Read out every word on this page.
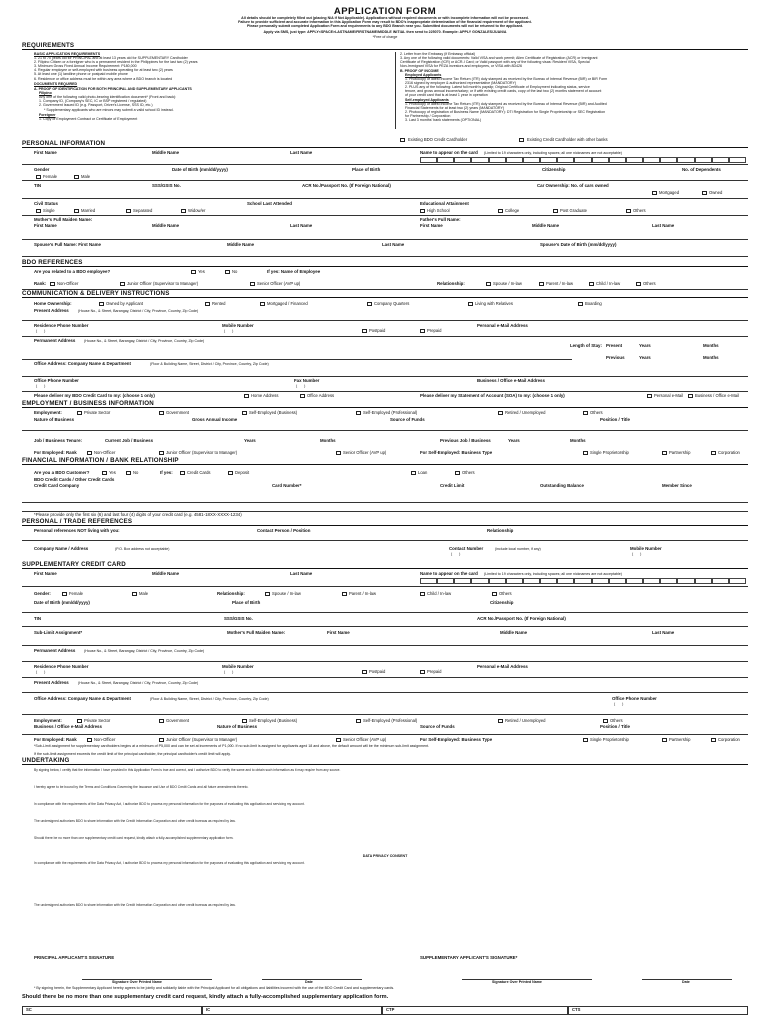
APPLICATION FORM
All details should be completely filled out (placing N/A if Not Applicable). Applications without required documents or with incomplete information will not be processed.
Failure to provide sufficient and accurate information in this Application Form may result to BDO's inappropriate determination of the financial requirement of the applicant.
Please personally submit completed Application Form and requirements to any BDO Branch near you. Submitted documents will not be returned to the applicant.
Apply via SMS, just type: APPLY<SPACE>LASTNAME/FIRSTNAME/MIDDLE INITIAL then send to 225070. Example: APPLY GONZALES/JUAN/A
*Free of charge
REQUIREMENTS
BASIC APPLICATION REQUIREMENTS
1. 21 to 70 years old for PRINCIPAL and at least 13 years old for SUPPLEMENTARY Cardholder
2. Filipino Citizen or a foreigner who is a permanent resident in the Philippines for the last two (2) years
3. Minimum Gross Fixed Annual Income Requirement: P180,000
4. Regular employee or self-employed with business operating for at least two (2) years
5. At least one (1) landline phone or postpaid mobile phone
6. Residence or office address must be within any area where a BDO branch is located
DOCUMENTS REQUIRED
A. PROOF OF IDENTIFICATION FOR BOTH PRINCIPAL AND SUPPLEMENTARY APPLICANTS
Filipino
Any one of the following valid photo-bearing identification document* (Front and back):
1. Company ID, (Company's SEC, IC or BSP registered / regulated)
2. Government Issued ID (e.g. Passport, Driver's License, SSS ID, etc.)
* Supplementary applicants who are minors may submit a valid school ID instead.
Foreigner
1. Copy of Employment Contract or Certificate of Employment
2. Letter from the Embassy (if Embassy official)
3. Any one of the following valid documents: Valid VISA and work permit; Alien Certificate of Registration (ACR) or Immigrant
Certificate of Registration (ICR) or ACR-I Card; or Valid passport with any of the following visas: Resident VISA, Special
Non-Immigrant VISA for PEZA investors and employees, or VISA with 8D426
B. PROOF OF INCOME
Employed Applicants
1. Photocopy of latest Income Tax Return (ITR) duly stamped as received by the Bureau of Internal Revenue (BIR) or BIR Form
2316 signed by employer & authorized representative (MANDATORY)
2. PLUS any of the following: Latest full month's payslip; Original Certificate of Employment indicating status, service
tenure, and gross annual income/salary; or if with existing credit cards, copy of the last two (2) months statement of account
of your credit card that is at least 1 year in operation
Self-employed Applicants
1. Photocopy of latest Income Tax Return (ITR) duly stamped as received by the Bureau of Internal Revenue (BIR) and Audited
Financial Statements for at least two (2) years (MANDATORY)
2. Photocopy of registration of Business Name (MANDATORY): DTI Registration for Single Proprietorship or SEC Registration
for Partnership / Corporation
3. Last 3 months' bank statements (OPTIONAL)
Existing BDO Credit Cardholder	Existing Credit Cardholder with other banks
PERSONAL INFORMATION
First Name	Middle Name	Last Name	Name to appear on the card (Limited to 19 characters only, including spaces; all one nicknames are not acceptable)
Gender
Female	Male
Date of Birth (mm/dd/yyyy)	Place of Birth	Citizenship	No. of Dependents
TIN	SSS/GSIS No.	ACR No./Passport No. (If Foreign National)	Car Ownership: No. of cars owned
Mortgaged	Owned
Civil Status
Single	Married	Separated	Widow/er
School Last Attended	Educational Attainment
High School	College	Post Graduate	Others
Mother's Full Maiden Name:	Father's Full Name:
First Name	Middle Name	Last Name	First Name	Middle Name	Last Name
Spouse's Full Name: First Name	Middle Name	Last Name	Spouse's Date of Birth (mm/dd/yyyy)
BDO REFERENCES
Are you related to a BDO employee?	Yes	No	If yes: Name of Employee
Rank:	Non-Officer	Junior Officer (Supervisor to Manager)	Senior Officer (AVP up)	Relationship:	Spouse / In-law	Parent / In-law	Child / In-law	Others
COMMUNICATION & DELIVERY INSTRUCTIONS
Home Ownership:	Owned by Applicant	Rented	Mortgaged / Financed	Company Quarters	Living with Relatives	Boarding
Present Address	(House No., & Street, Barangay, District / City, Province, Country, Zip Code)
Residence Phone Number
(       )
Mobile Number
(       )	Postpaid	Prepaid
Personal e-Mail Address
Permanent Address (House No., & Street, Barangay, District / City, Province, Country, Zip Code)
Length of Stay: Present	Years	Months
Previous	Years	Months
Office Address: Company Name & Department	(Floor & Building Name, Street, District / City, Province, Country, Zip Code)
Office Phone Number
(       )
Fax Number
(       )
Business / Office e-Mail Address
Please deliver my BDO Credit Card to my: (choose 1 only)	Home Address	Office Address	Please deliver my Statement of Account (SOA) to my: (choose 1 only)	Personal e-Mail	Business / Office e-Mail
EMPLOYMENT / BUSINESS INFORMATION
Employment:	Private Sector	Government	Self-Employed (Business)	Self-Employed (Professional)	Retired / Unemployed	Others
Nature of Business	Gross Annual Income	Source of Funds	Position / Title
Job / Business Tenure:	Current Job / Business	Years	Months	Previous Job / Business	Years	Months
For Employed: Rank	Non-Officer	Junior Officer (Supervisor to Manager)	Senior Officer (AVP up)	For Self-Employed: Business Type	Single Proprietorship	Partnership	Corporation
FINANCIAL INFORMATION / BANK RELATIONSHIP
Are you a BDO Customer?	Yes	No	If yes:	Credit Cards	Deposit	Loan	Others
BDO Credit Cards / Other Credit Cards
Credit Card Company	Card Number*	Credit Limit	Outstanding Balance	Member Since
*Please provide only the first six (6) and last four (4) digits of your credit card (e.g. 4581-18XX-XXXX-1234)
PERSONAL / TRADE REFERENCES
Personal references NOT living with you:	Contact Person / Position	Relationship
Company Name / Address	(P.O. Box address not acceptable)	Contact Number	(include local number, if any)	Mobile Number
(       )	(       )
SUPPLEMENTARY CREDIT CARD
First Name	Middle Name	Last Name	Name to appear on the card (Limited to 19 characters only, including spaces; all one nicknames are not acceptable)
Gender:	Female	Male	Relationship:	Spouse / In-law	Parent / In-law	Child / In-law	Others
Date of Birth (mm/dd/yyyy)	Place of Birth	Citizenship
TIN	SSS/GSIS No.	ACR No./Passport No. (If Foreign National)
Sub-Limit Assignment*	Mother's Full Maiden Name:	First Name	Middle Name	Last Name
Permanent Address (House No., & Street, Barangay, District / City, Province, Country, Zip Code)
Residence Phone Number
(       )
Mobile Number
(       )	Postpaid	Prepaid
Personal e-Mail Address
Present Address	(House No., & Street, Barangay, District / City, Province, Country, Zip Code)
Office Address: Company Name & Department	(Floor & Building Name, Street, District / City, Province, Country, Zip Code)	Office Phone Number
(       )
Employment:	Private Sector	Government	Self-Employed (Business)	Self-Employed (Professional)	Retired / Unemployed	Others
Business / Office e-Mail Address	Nature of Business	Source of Funds	Position / Title
For Employed: Rank	Non-Officer	Junior Officer (Supervisor to Manager)	Senior Officer (AVP up)	For Self-Employed: Business Type	Single Proprietorship	Partnership	Corporation
*Sub-Limit assignment for supplementary cardholders begins at a minimum of P5,000 and can be set at increments of P1,000. If no sub-limit is assigned for applicants aged 18 and above, the default amount will be the minimum sub-limit assignment.
If the sub-limit assignment exceeds the credit limit of the principal cardholder, the principal cardholder's credit limit will apply.
UNDERTAKING
By signing below, I certify that the information I have provided in this Application Form is true and correct, and I authorize BDO to verify the same and to obtain such information as it may require from any source.
I hereby agree to be bound by the Terms and Conditions Governing the Issuance and Use of BDO Credit Cards and all future amendments thereto.
In compliance with the requirements of the Data Privacy Act, I authorize BDO to process my personal information for the purposes of evaluating this application and servicing my account.
The undersigned authorizes BDO to share information with the Credit Information Corporation and other credit bureaus as required by law.
Should there be no more than one supplementary credit card request, kindly attach a fully-accomplished supplementary application form.
DATA PRIVACY CONSENT
In compliance with the requirements of the Data Privacy Act, I authorize BDO to process my personal information for the purposes of evaluating this application and servicing my account.
The undersigned authorizes BDO to share information with the Credit Information Corporation and other credit bureaus as required by law.
PRINCIPAL APPLICANT'S SIGNATURE	SUPPLEMENTARY APPLICANT'S SIGNATURE*
Signature Over Printed Name	Date	Signature Over Printed Name	Date
* By signing herein, the Supplementary Applicant hereby agrees to be jointly and solidarily liable with the Principal Applicant for all obligations and liabilities incurred with the use of the BDO Credit Card and supplementary cards.
Should there be no more than one supplementary credit card request, kindly attach a fully-accomplished supplementary application form.
SC	IC	CTP	CTS
